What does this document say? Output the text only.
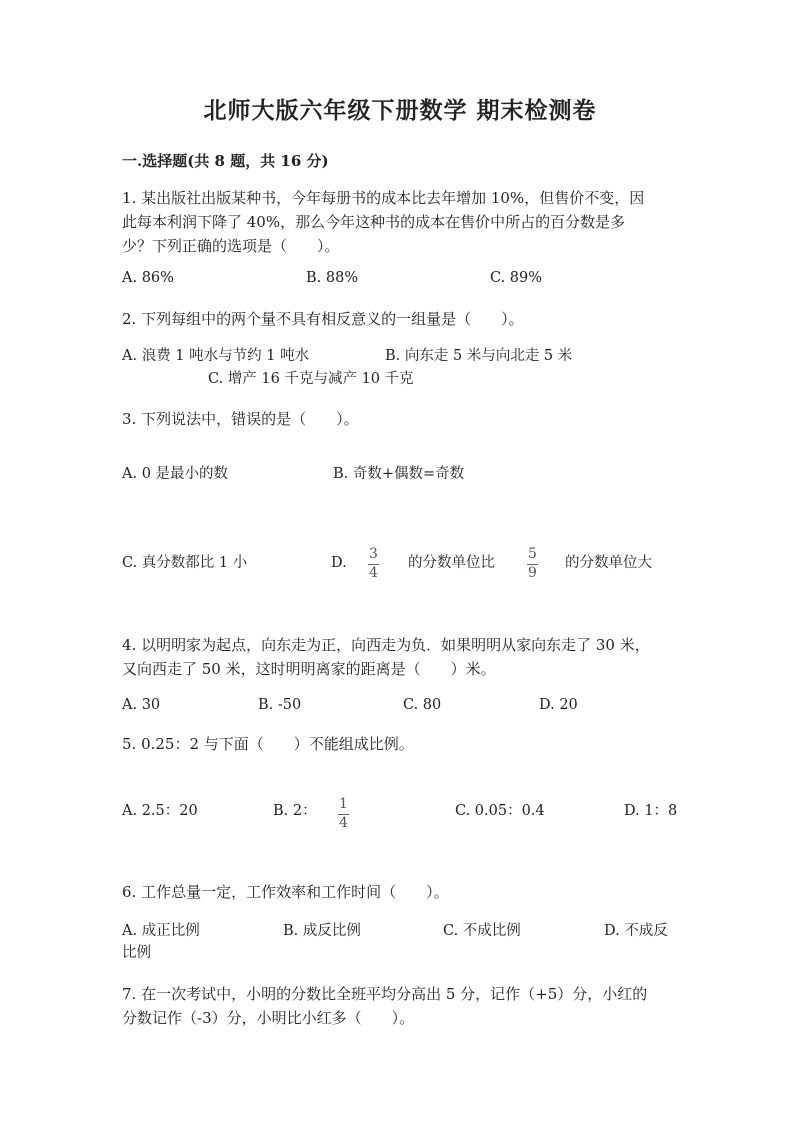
北师大版六年级下册数学 期末检测卷
一.选择题(共 8 题，共 16 分)
1. 某出版社出版某种书，今年每册书的成本比去年增加 10%，但售价不变，因
此每本利润下降了 40%，那么今年这种书的成本在售价中所占的百分数是多
少？下列正确的选项是（　　）。
A. 86%	B. 88%	C. 89%
2. 下列每组中的两个量不具有相反意义的一组量是（　　）。
A. 浪费 1 吨水与节约 1 吨水	B. 向东走 5 米与向北走 5 米
C. 增产 16 千克与减产 10 千克
3. 下列说法中，错误的是（　　）。
A. 0 是最小的数	B. 奇数+偶数=奇数
C. 真分数都比 1 小	D.
3
4
的分数单位比
5
9
的分数单位大
4. 以明明家为起点，向东走为正，向西走为负．如果明明从家向东走了 30 米，
又向西走了 50 米，这时明明离家的距离是（　　）米。
A. 30	B. -50	C. 80	D. 20
5. 0.25：2 与下面（　　）不能组成比例。
A. 2.5：20	B. 2： 1
4
C. 0.05：0.4	D. 1：8
6. 工作总量一定，工作效率和工作时间（　　）。
A. 成正比例	B. 成反比例	C. 不成比例	D. 不成反
比例
7. 在一次考试中，小明的分数比全班平均分高出 5 分，记作（+5）分，小红的
分数记作（-3）分，小明比小红多（　　）。
